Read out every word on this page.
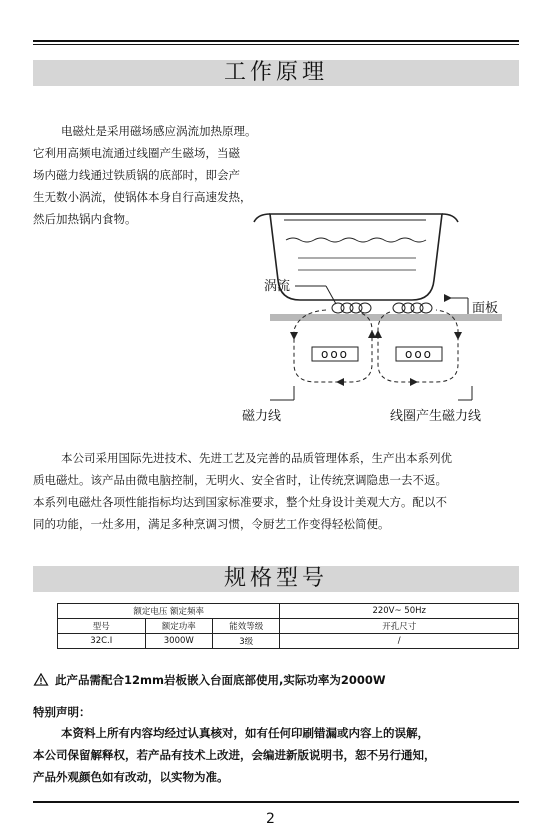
工作原理
电磁灶是采用磁场感应涡流加热原理。
它利用高频电流通过线圈产生磁场，当磁
场内磁力线通过铁质锅的底部时，即会产
生无数小涡流，使锅体本身自行高速发热，
然后加热锅内食物。
涡流
面板
ooo	ooo
磁力线	线圈产生磁力线
本公司采用国际先进技术、先进工艺及完善的品质管理体系，生产出本系列优
质电磁灶。该产品由微电脑控制，无明火、安全省时，让传统烹调隐患一去不返。
本系列电磁灶各项性能指标均达到国家标准要求，整个灶身设计美观大方。配以不
同的功能，一灶多用，满足多种烹调习惯，令厨艺工作变得轻松简便。
规格型号
额定电压 额定频率			220V~ 50Hz
型号	额定功率	能效等级	开孔尺寸
32C.I	3000W	3级	/
此产品需配合12mm岩板嵌入台面底部使用,实际功率为2000W
特别声明：
本资料上所有内容均经过认真核对，如有任何印刷错漏或内容上的误解，
本公司保留解释权，若产品有技术上改进，会编进新版说明书，恕不另行通知，
产品外观颜色如有改动，以实物为准。
2
